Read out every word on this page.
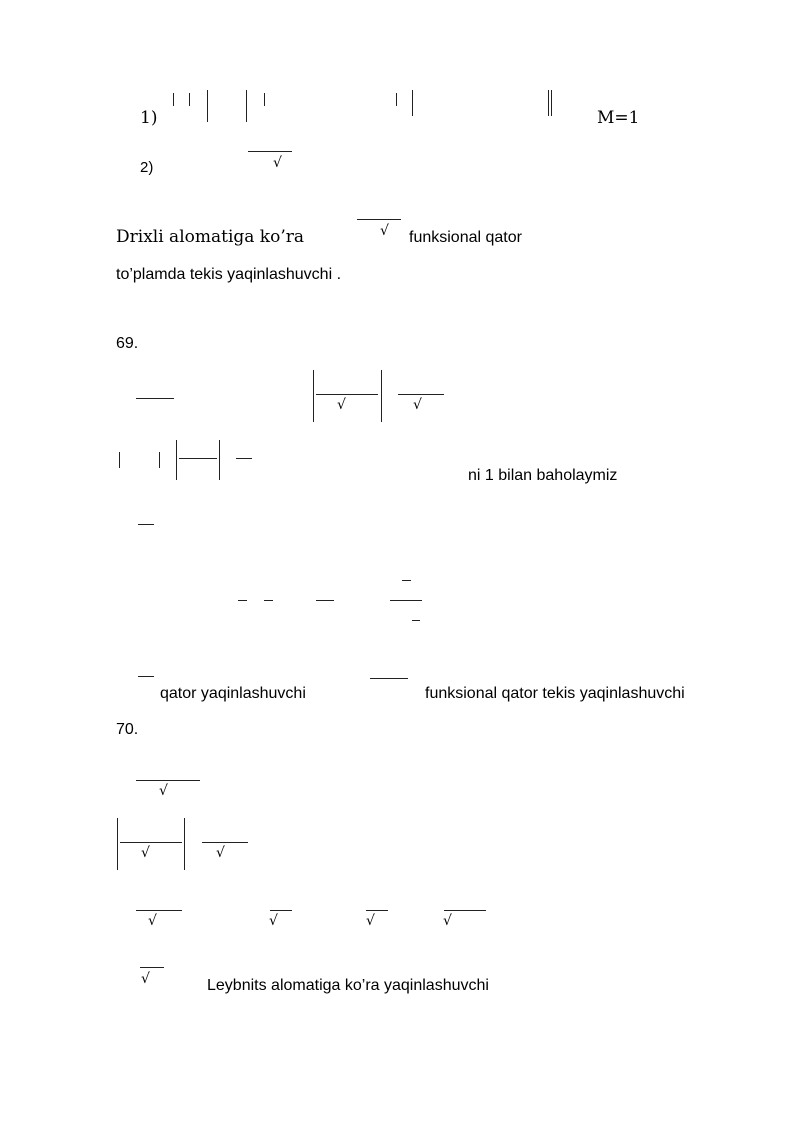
1)	M=1
2)	√
Drixli alomatiga ko’ra	√ funksional qator
to’plamda tekis yaqinlashuvchi .
69.
√	√
ni 1 bilan baholaymiz
qator yaqinlashuvchi	funksional qator tekis yaqinlashuvchi
70.
√
√	√
√	√	√	√
√	Leybnits alomatiga ko’ra yaqinlashuvchi
